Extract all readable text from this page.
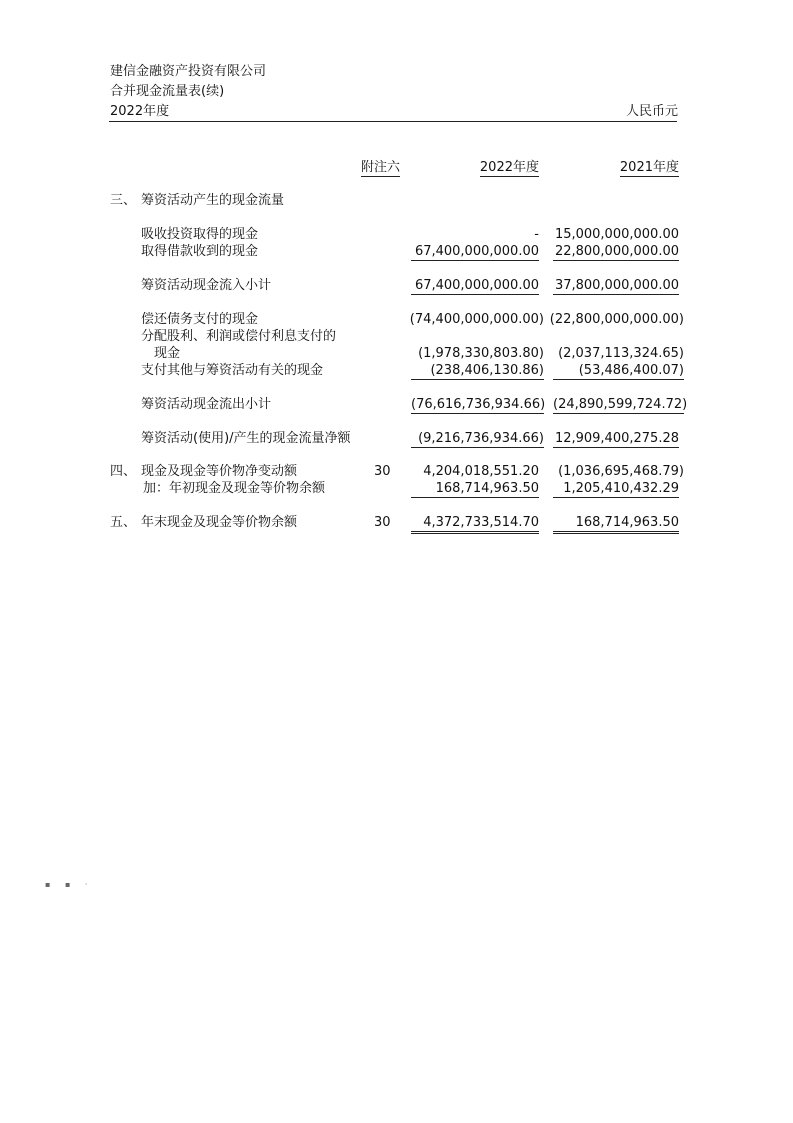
建信金融资产投资有限公司
合并现金流量表(续)
2022年度	人民币元
附注六	2022年度	2021年度
三、 筹资活动产生的现金流量
吸收投资取得的现金	- 15,000,000,000.00
取得借款收到的现金	67,400,000,000.00 22,800,000,000.00
筹资活动现金流入小计	67,400,000,000.00 37,800,000,000.00
偿还债务支付的现金	(74,400,000,000.00) (22,800,000,000.00)
分配股利、利润或偿付利息支付的
现金	(1,978,330,803.80) (2,037,113,324.65)
支付其他与筹资活动有关的现金	(238,406,130.86)	(53,486,400.07)
筹资活动现金流出小计	(76,616,736,934.66) (24,890,599,724.72)
筹资活动(使用)/产生的现金流量净额	(9,216,736,934.66) 12,909,400,275.28
四、 现金及现金等价物净变动额	30	4,204,018,551.20 (1,036,695,468.79)
加：年初现金及现金等价物余额	168,714,963.50	1,205,410,432.29
五、 年末现金及现金等价物余额	30	4,372,733,514.70	168,714,963.50
▪ ▪ ·
